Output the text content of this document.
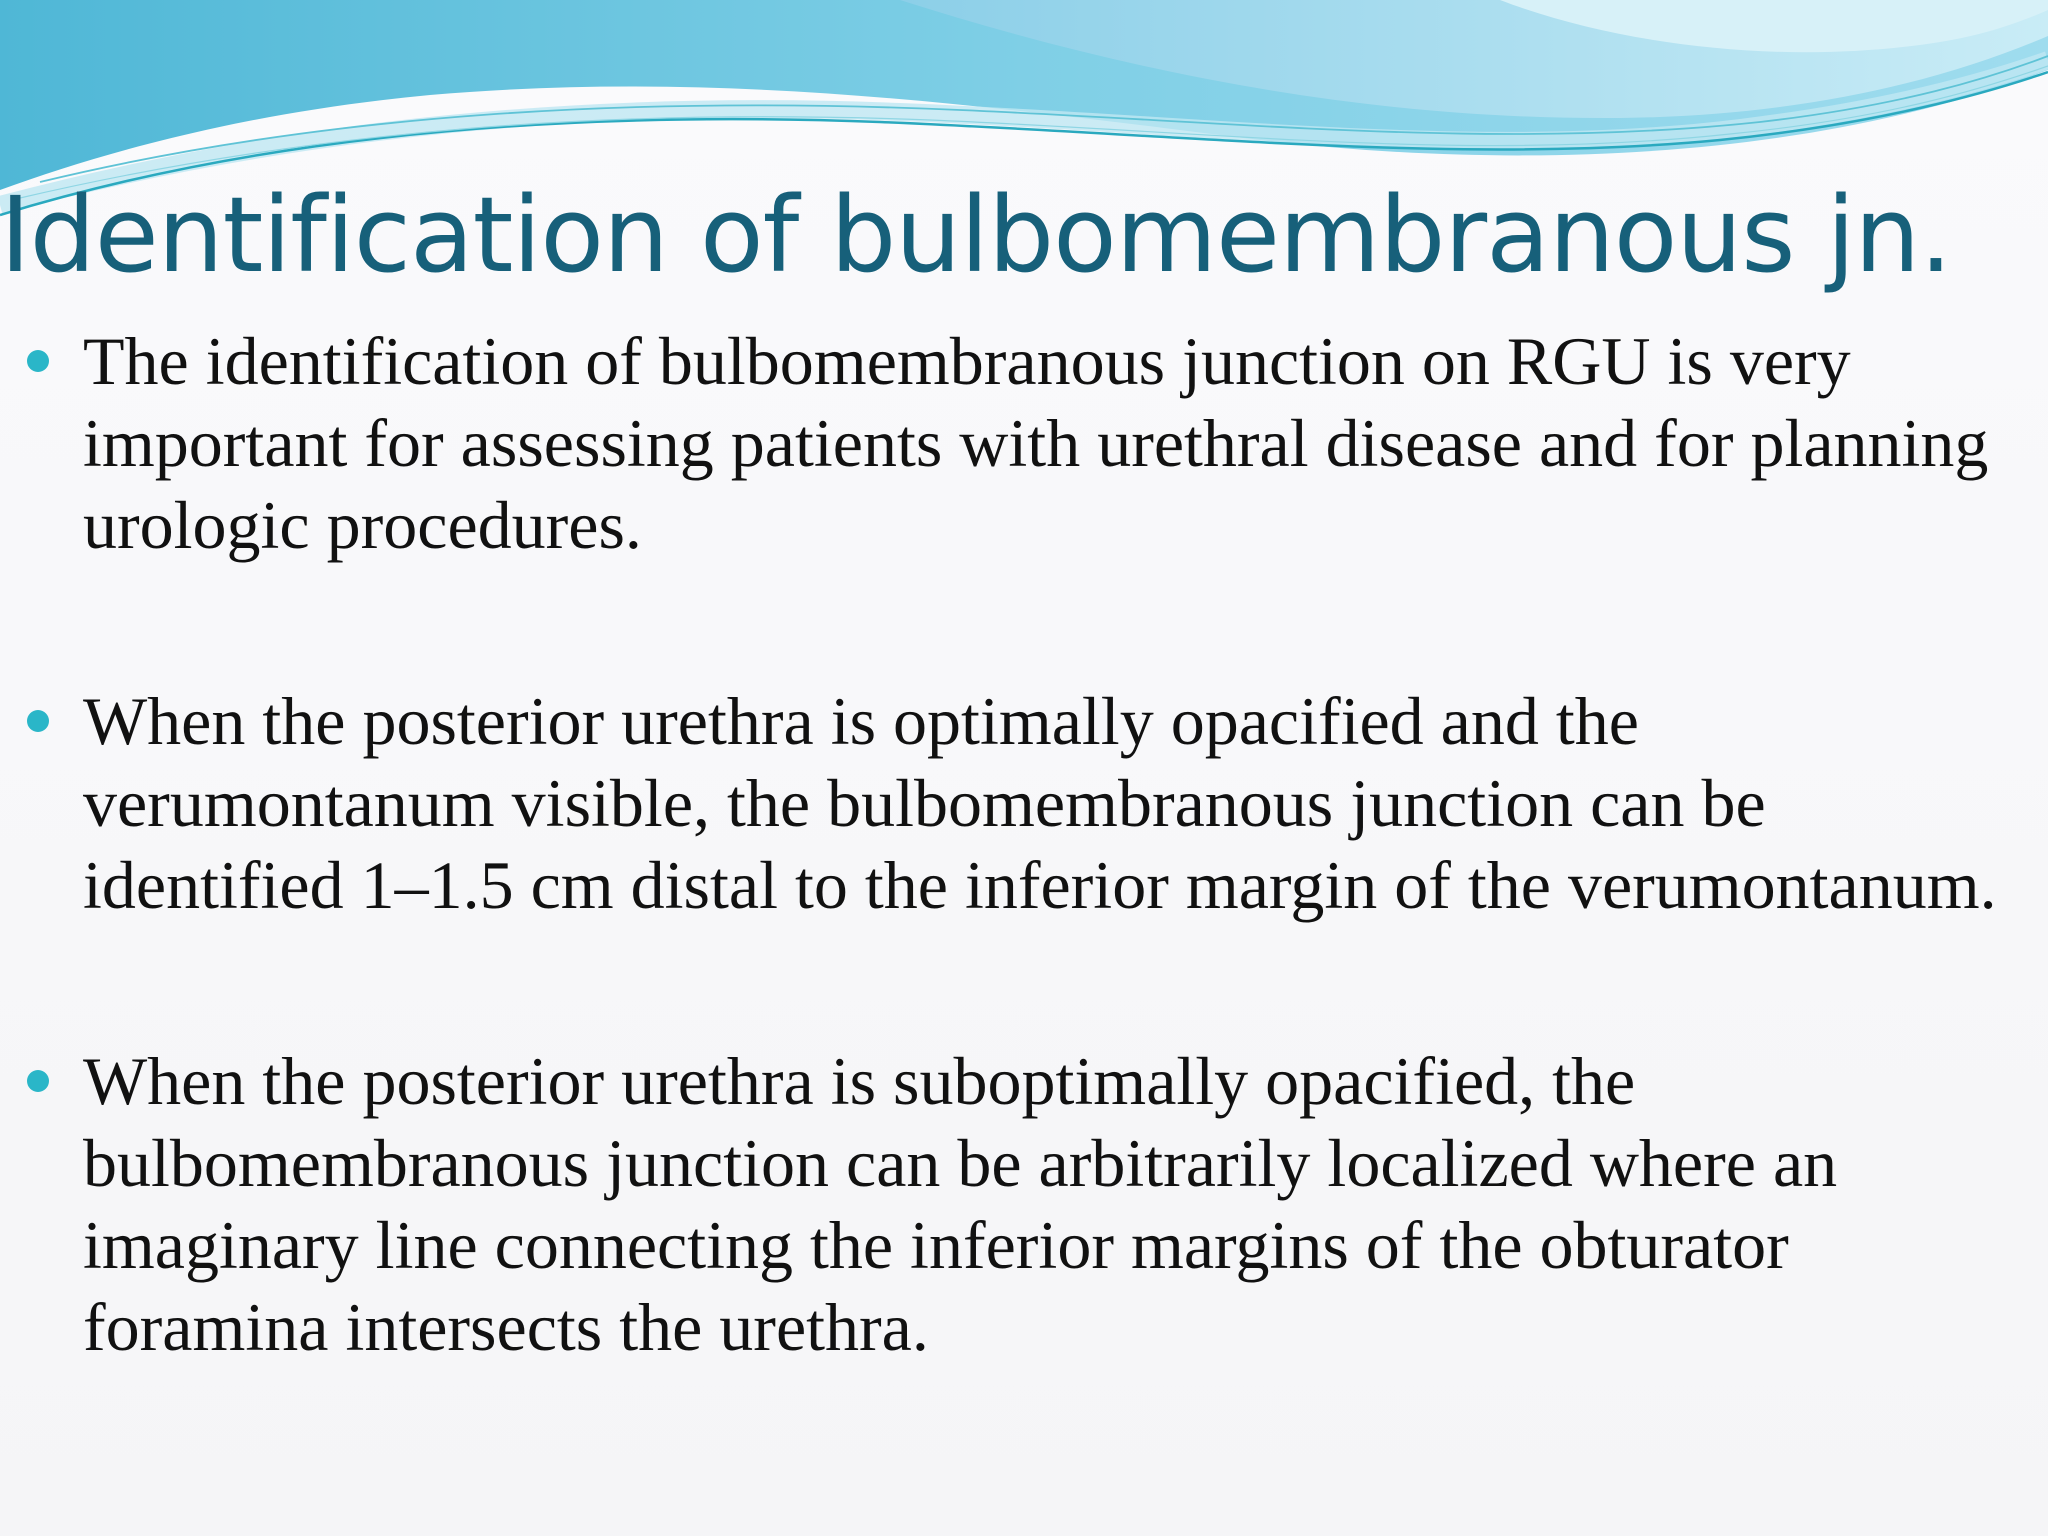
Identification of bulbomembranous jn.
The identification of bulbomembranous junction on RGU is very important for assessing patients with urethral disease and for planning urologic procedures.
When the posterior urethra is optimally opacified and the verumontanum visible, the bulbomembranous junction can be identified 1–1.5 cm distal to the inferior margin of the verumontanum.
When the posterior urethra is suboptimally opacified, the bulbomembranous junction can be arbitrarily localized where an imaginary line connecting the inferior margins of the obturator foramina intersects the urethra.
